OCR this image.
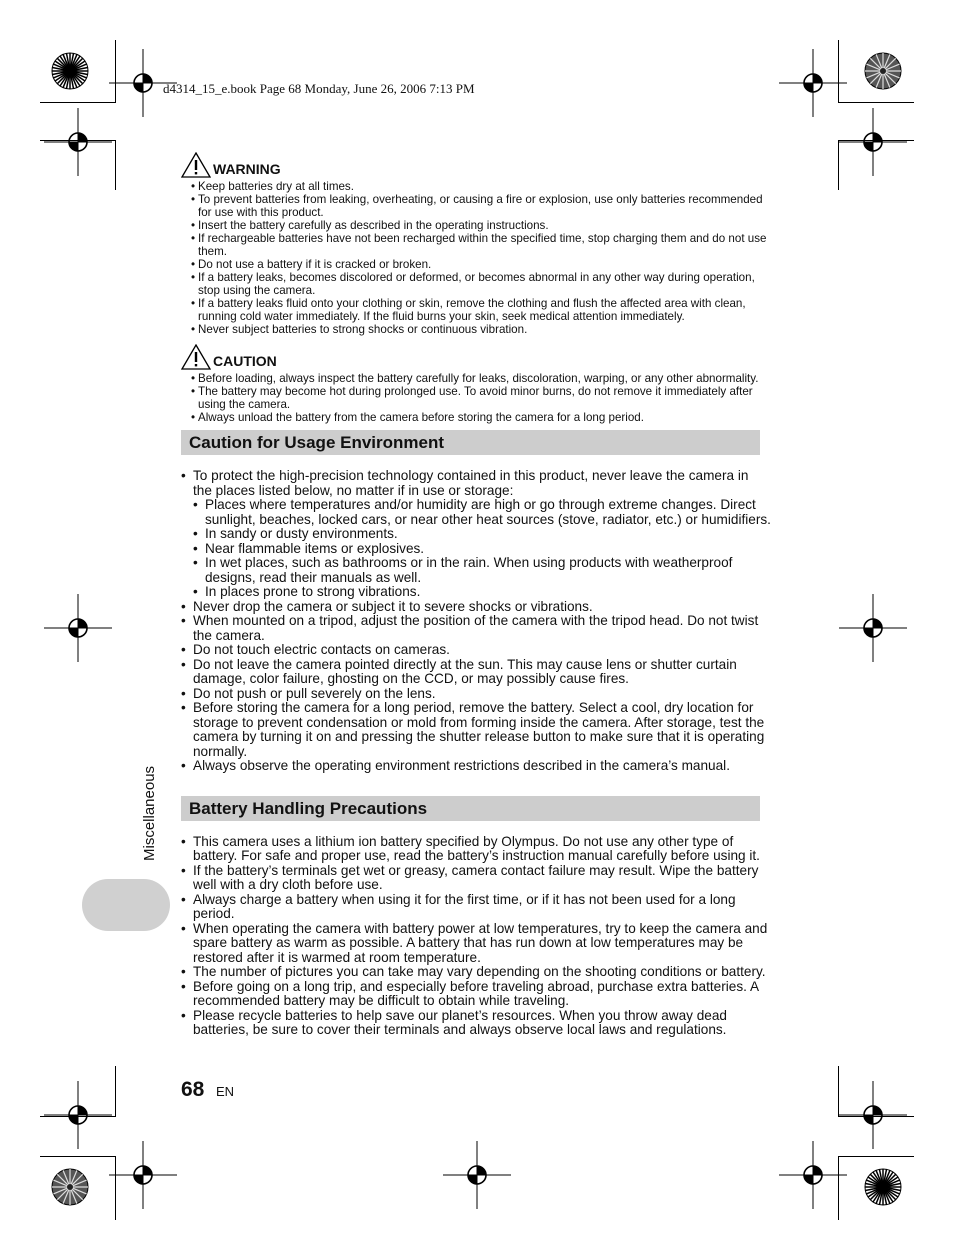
d4314_15_e.book Page 68 Monday, June 26, 2006 7:13 PM
Miscellaneous
WARNING
• Keep batteries dry at all times.
• To prevent batteries from leaking, overheating, or causing a fire or explosion, use only batteries recommended for use with this product.
• Insert the battery carefully as described in the operating instructions.
• If rechargeable batteries have not been recharged within the specified time, stop charging them and do not use them.
• Do not use a battery if it is cracked or broken.
• If a battery leaks, becomes discolored or deformed, or becomes abnormal in any other way during operation, stop using the camera.
• If a battery leaks fluid onto your clothing or skin, remove the clothing and flush the affected area with clean, running cold water immediately. If the fluid burns your skin, seek medical attention immediately.
• Never subject batteries to strong shocks or continuous vibration.
CAUTION
• Before loading, always inspect the battery carefully for leaks, discoloration, warping, or any other abnormality.
• The battery may become hot during prolonged use. To avoid minor burns, do not remove it immediately after using the camera.
• Always unload the battery from the camera before storing the camera for a long period.
Caution for Usage Environment
• To protect the high-precision technology contained in this product, never leave the camera in the places listed below, no matter if in use or storage:
• Places where temperatures and/or humidity are high or go through extreme changes. Direct sunlight, beaches, locked cars, or near other heat sources (stove, radiator, etc.) or humidifiers.
• In sandy or dusty environments.
• Near flammable items or explosives.
• In wet places, such as bathrooms or in the rain. When using products with weatherproof designs, read their manuals as well.
• In places prone to strong vibrations.
• Never drop the camera or subject it to severe shocks or vibrations.
• When mounted on a tripod, adjust the position of the camera with the tripod head. Do not twist the camera.
• Do not touch electric contacts on cameras.
• Do not leave the camera pointed directly at the sun. This may cause lens or shutter curtain damage, color failure, ghosting on the CCD, or may possibly cause fires.
• Do not push or pull severely on the lens.
• Before storing the camera for a long period, remove the battery. Select a cool, dry location for storage to prevent condensation or mold from forming inside the camera. After storage, test the camera by turning it on and pressing the shutter release button to make sure that it is operating normally.
• Always observe the operating environment restrictions described in the camera’s manual.
Battery Handling Precautions
• This camera uses a lithium ion battery specified by Olympus. Do not use any other type of battery. For safe and proper use, read the battery’s instruction manual carefully before using it.
• If the battery’s terminals get wet or greasy, camera contact failure may result. Wipe the battery well with a dry cloth before use.
• Always charge a battery when using it for the first time, or if it has not been used for a long period.
• When operating the camera with battery power at low temperatures, try to keep the camera and spare battery as warm as possible. A battery that has run down at low temperatures may be restored after it is warmed at room temperature.
• The number of pictures you can take may vary depending on the shooting conditions or battery.
• Before going on a long trip, and especially before traveling abroad, purchase extra batteries. A recommended battery may be difficult to obtain while traveling.
• Please recycle batteries to help save our planet’s resources. When you throw away dead batteries, be sure to cover their terminals and always observe local laws and regulations.
68 EN
